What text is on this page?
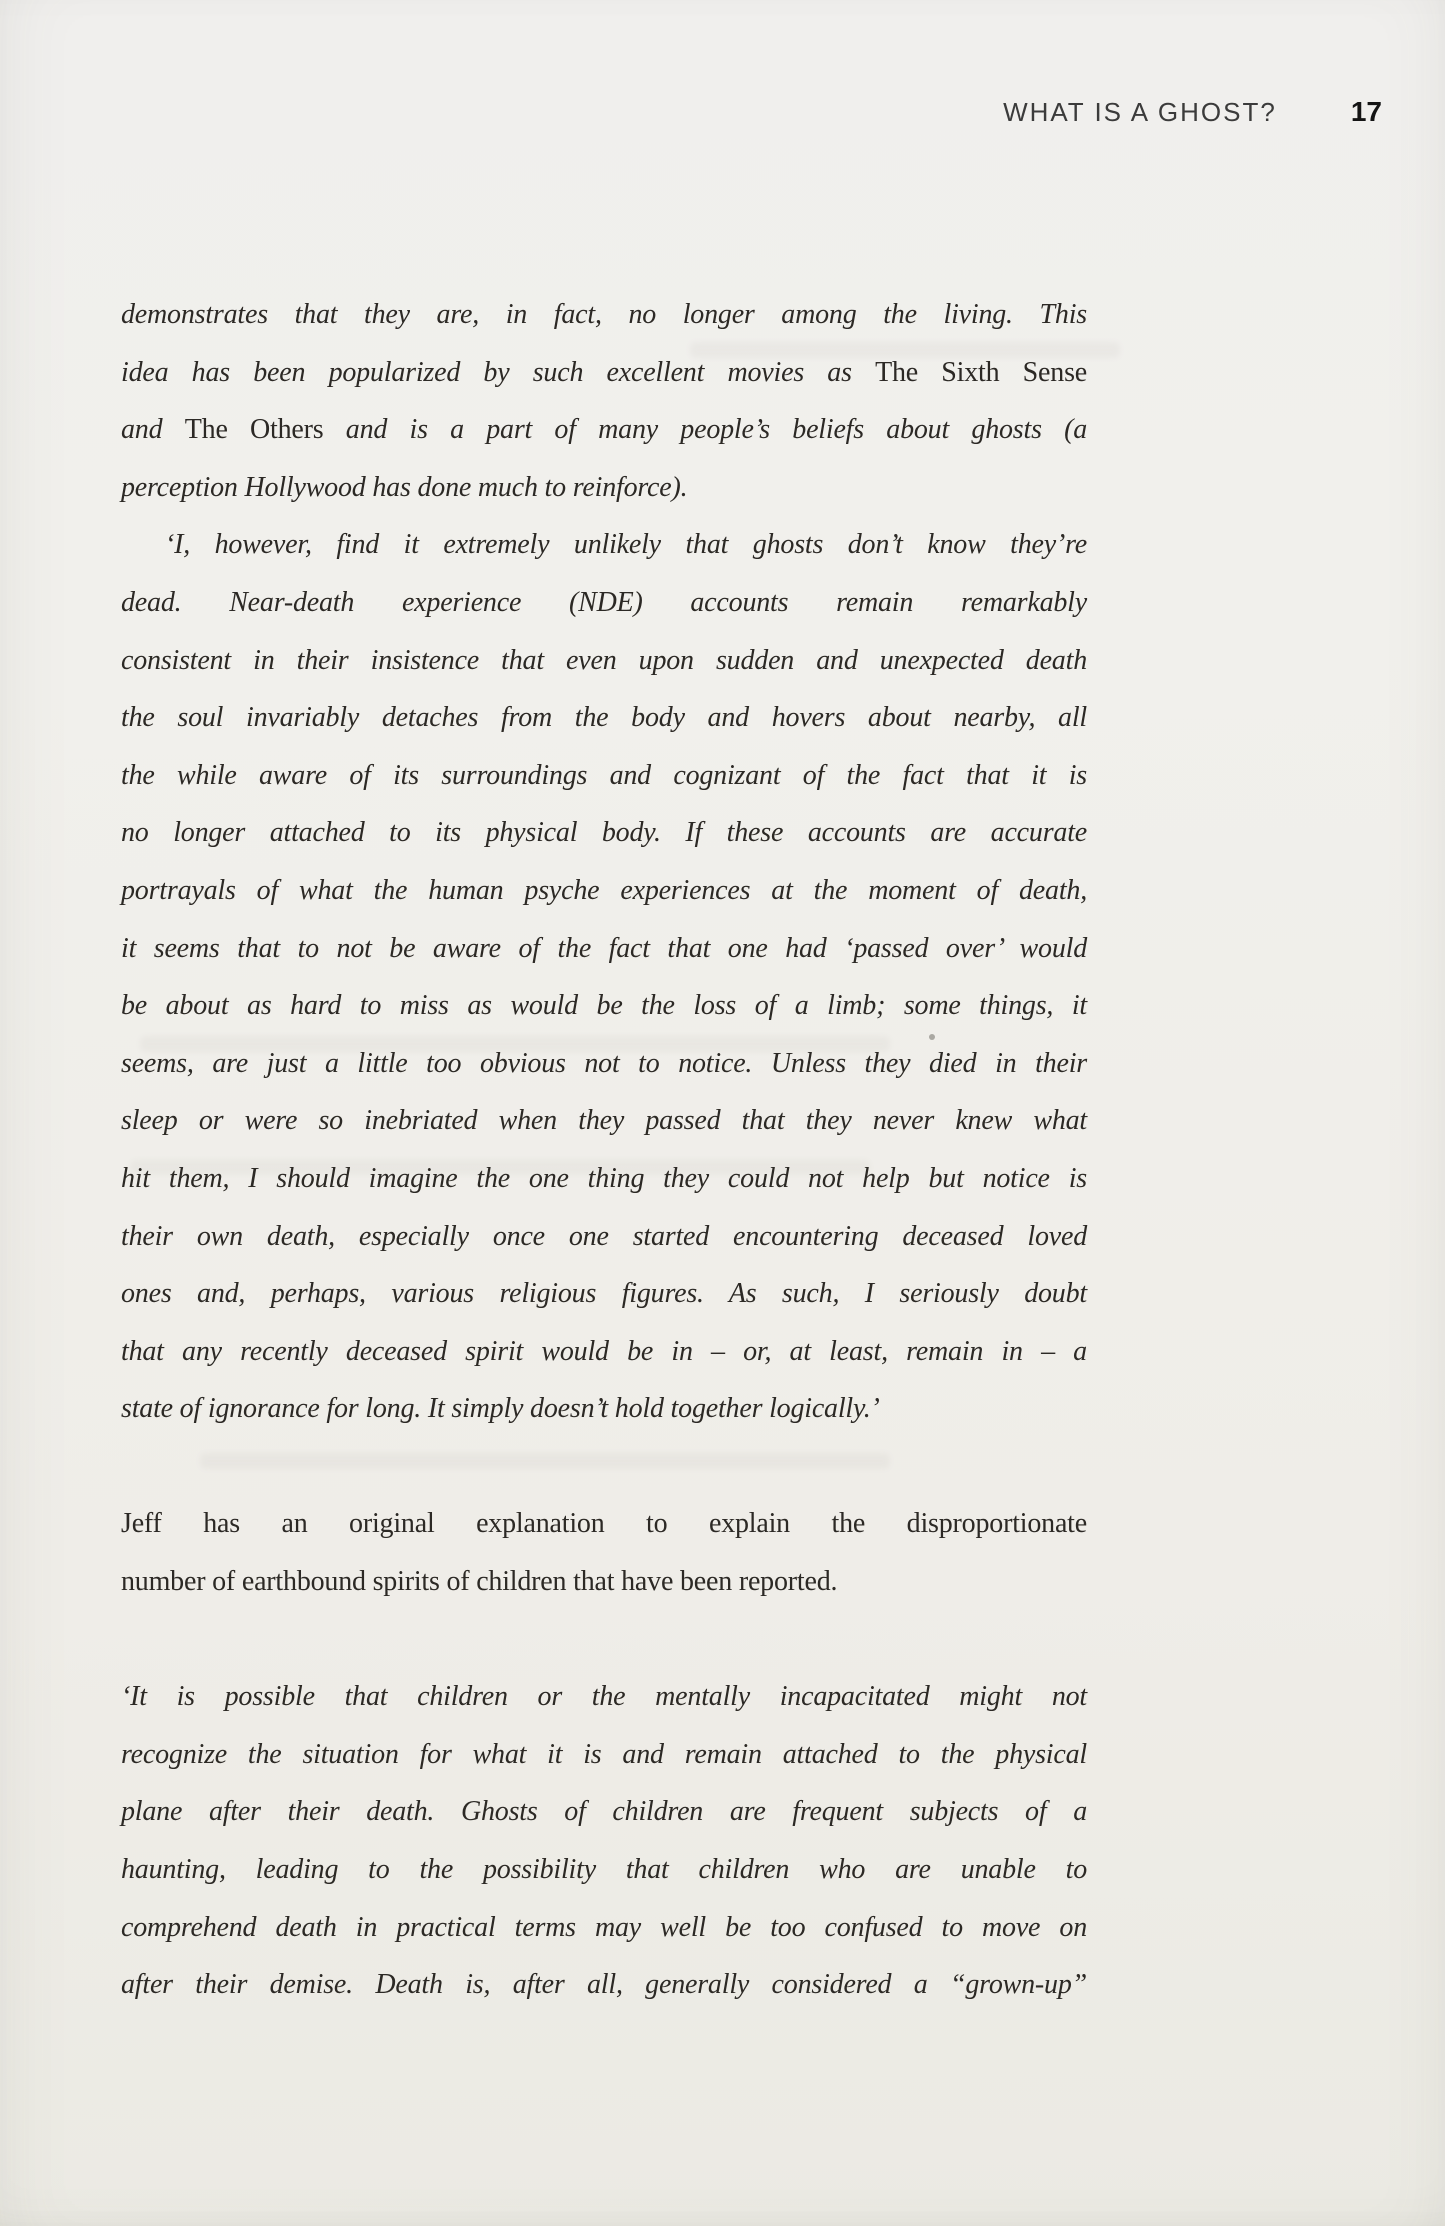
WHAT IS A GHOST?	17
demonstrates that they are, in fact, no longer among the living. This
idea has been popularized by such excellent movies as The Sixth Sense
and The Others and is a part of many people’s beliefs about ghosts (a
perception Hollywood has done much to reinforce).
‘I, however, find it extremely unlikely that ghosts don’t know they’re
dead. Near-death experience (NDE) accounts remain remarkably
consistent in their insistence that even upon sudden and unexpected death
the soul invariably detaches from the body and hovers about nearby, all
the while aware of its surroundings and cognizant of the fact that it is
no longer attached to its physical body. If these accounts are accurate
portrayals of what the human psyche experiences at the moment of death,
it seems that to not be aware of the fact that one had ‘passed over’ would
be about as hard to miss as would be the loss of a limb; some things, it
seems, are just a little too obvious not to notice. Unless they died in their
sleep or were so inebriated when they passed that they never knew what
hit them, I should imagine the one thing they could not help but notice is
their own death, especially once one started encountering deceased loved
ones and, perhaps, various religious figures. As such, I seriously doubt
that any recently deceased spirit would be in – or, at least, remain in – a
state of ignorance for long. It simply doesn’t hold together logically.’
Jeff has an original explanation to explain the disproportionate
number of earthbound spirits of children that have been reported.
‘It is possible that children or the mentally incapacitated might not
recognize the situation for what it is and remain attached to the physical
plane after their death. Ghosts of children are frequent subjects of a
haunting, leading to the possibility that children who are unable to
comprehend death in practical terms may well be too confused to move on
after their demise. Death is, after all, generally considered a “grown-up”
